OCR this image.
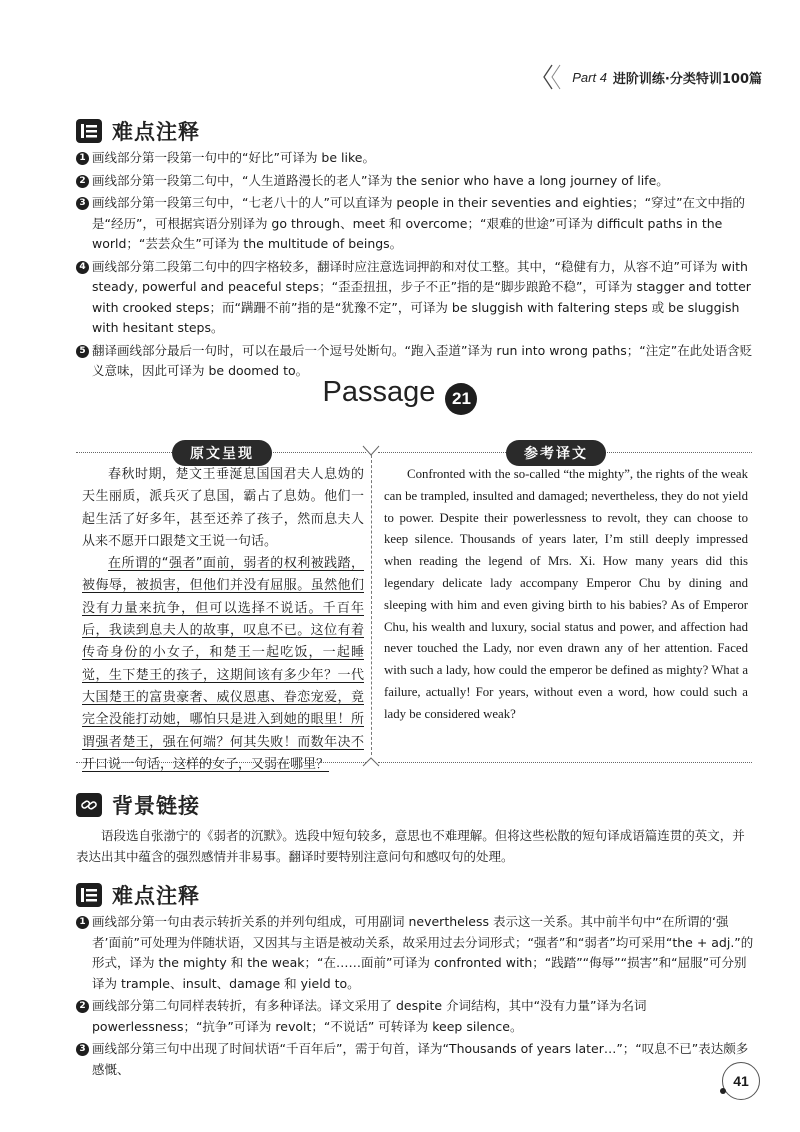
Part 4 进阶训练·分类特训100篇
难点注释
1 画线部分第一段第一句中的“好比”可译为 be like。
2 画线部分第一段第二句中，“人生道路漫长的老人”译为 the senior who have a long journey of life。
3 画线部分第一段第三句中，“七老八十的人”可以直译为 people in their seventies and eighties；“穿过”在文中指的是“经历”，可根据宾语分别译为 go through、meet 和 overcome；“艰难的世途”可译为 difficult paths in the world；“芸芸众生”可译为 the multitude of beings。
4 画线部分第二段第二句中的四字格较多，翻译时应注意选词押韵和对仗工整。其中，“稳健有力，从容不迫”可译为 with steady, powerful and peaceful steps；“歪歪扭扭，步子不正”指的是“脚步踉跄不稳”，可译为 stagger and totter with crooked steps；而“蹒跚不前”指的是“犹豫不定”，可译为 be sluggish with faltering steps 或 be sluggish with hesitant steps。
5 翻译画线部分最后一句时，可以在最后一个逗号处断句。“跑入歪道”译为 run into wrong paths；“注定”在此处语含贬义意味，因此可译为 be doomed to。
Passage 21
原文呈现	参考译文

春秋时期，楚文王垂涎息国国君夫人息妫的天生丽质，派兵灭了息国，霸占了息妫。他们一起生活了好多年，甚至还养了孩子，然而息夫人从来不愿开口跟楚文王说一句话。

在所谓的“强者”面前，弱者的权利被践踏，被侮辱，被损害，但他们并没有屈服。虽然他们没有力量来抗争，但可以选择不说话。千百年后，我读到息夫人的故事，叹息不已。这位有着传奇身份的小女子，和楚王一起吃饭，一起睡觉，生下楚王的孩子，这期间该有多少年？一代大国楚王的富贵豪奢、威仪恩惠、眷恋宠爱，竟完全没能打动她，哪怕只是进入到她的眼里！所谓强者楚王，强在何端？何其失败！而数年决不开口说一句话，这样的女子，又弱在哪里？

Confronted with the so-called “the mighty”, the rights of the weak can be trampled, insulted and damaged; nevertheless, they do not yield to power. Despite their powerlessness to revolt, they can choose to keep silence. Thousands of years later, I’m still deeply impressed when reading the legend of Mrs. Xi. How many years did this legendary delicate lady accompany Emperor Chu by dining and sleeping with him and even giving birth to his babies? As of Emperor Chu, his wealth and luxury, social status and power, and affection had never touched the Lady, nor even drawn any of her attention. Faced with such a lady, how could the emperor be defined as mighty? What a failure, actually! For years, without even a word, how could such a lady be considered weak?

背景链接
语段选自张渤宁的《弱者的沉默》。选段中短句较多，意思也不难理解。但将这些松散的短句译成语篇连贯的英文，并表达出其中蕴含的强烈感情并非易事。翻译时要特别注意问句和感叹句的处理。
难点注释
1 画线部分第一句由表示转折关系的并列句组成，可用副词 nevertheless 表示这一关系。其中前半句中“在所谓的‘强者’面前”可处理为伴随状语，又因其与主语是被动关系，故采用过去分词形式；“强者”和“弱者”均可采用“the + adj.”的形式，译为 the mighty 和 the weak；“在……面前”可译为 confronted with；“践踏”“侮辱”“损害”和“屈服”可分别译为 trample、insult、damage 和 yield to。
2 画线部分第二句同样表转折，有多种译法。译文采用了 despite 介词结构，其中“没有力量”译为名词 powerlessness；“抗争”可译为 revolt；“不说话” 可转译为 keep silence。
3 画线部分第三句中出现了时间状语“千百年后”，需于句首，译为“Thousands of years later…”；“叹息不已”表达颇多感慨、
41
